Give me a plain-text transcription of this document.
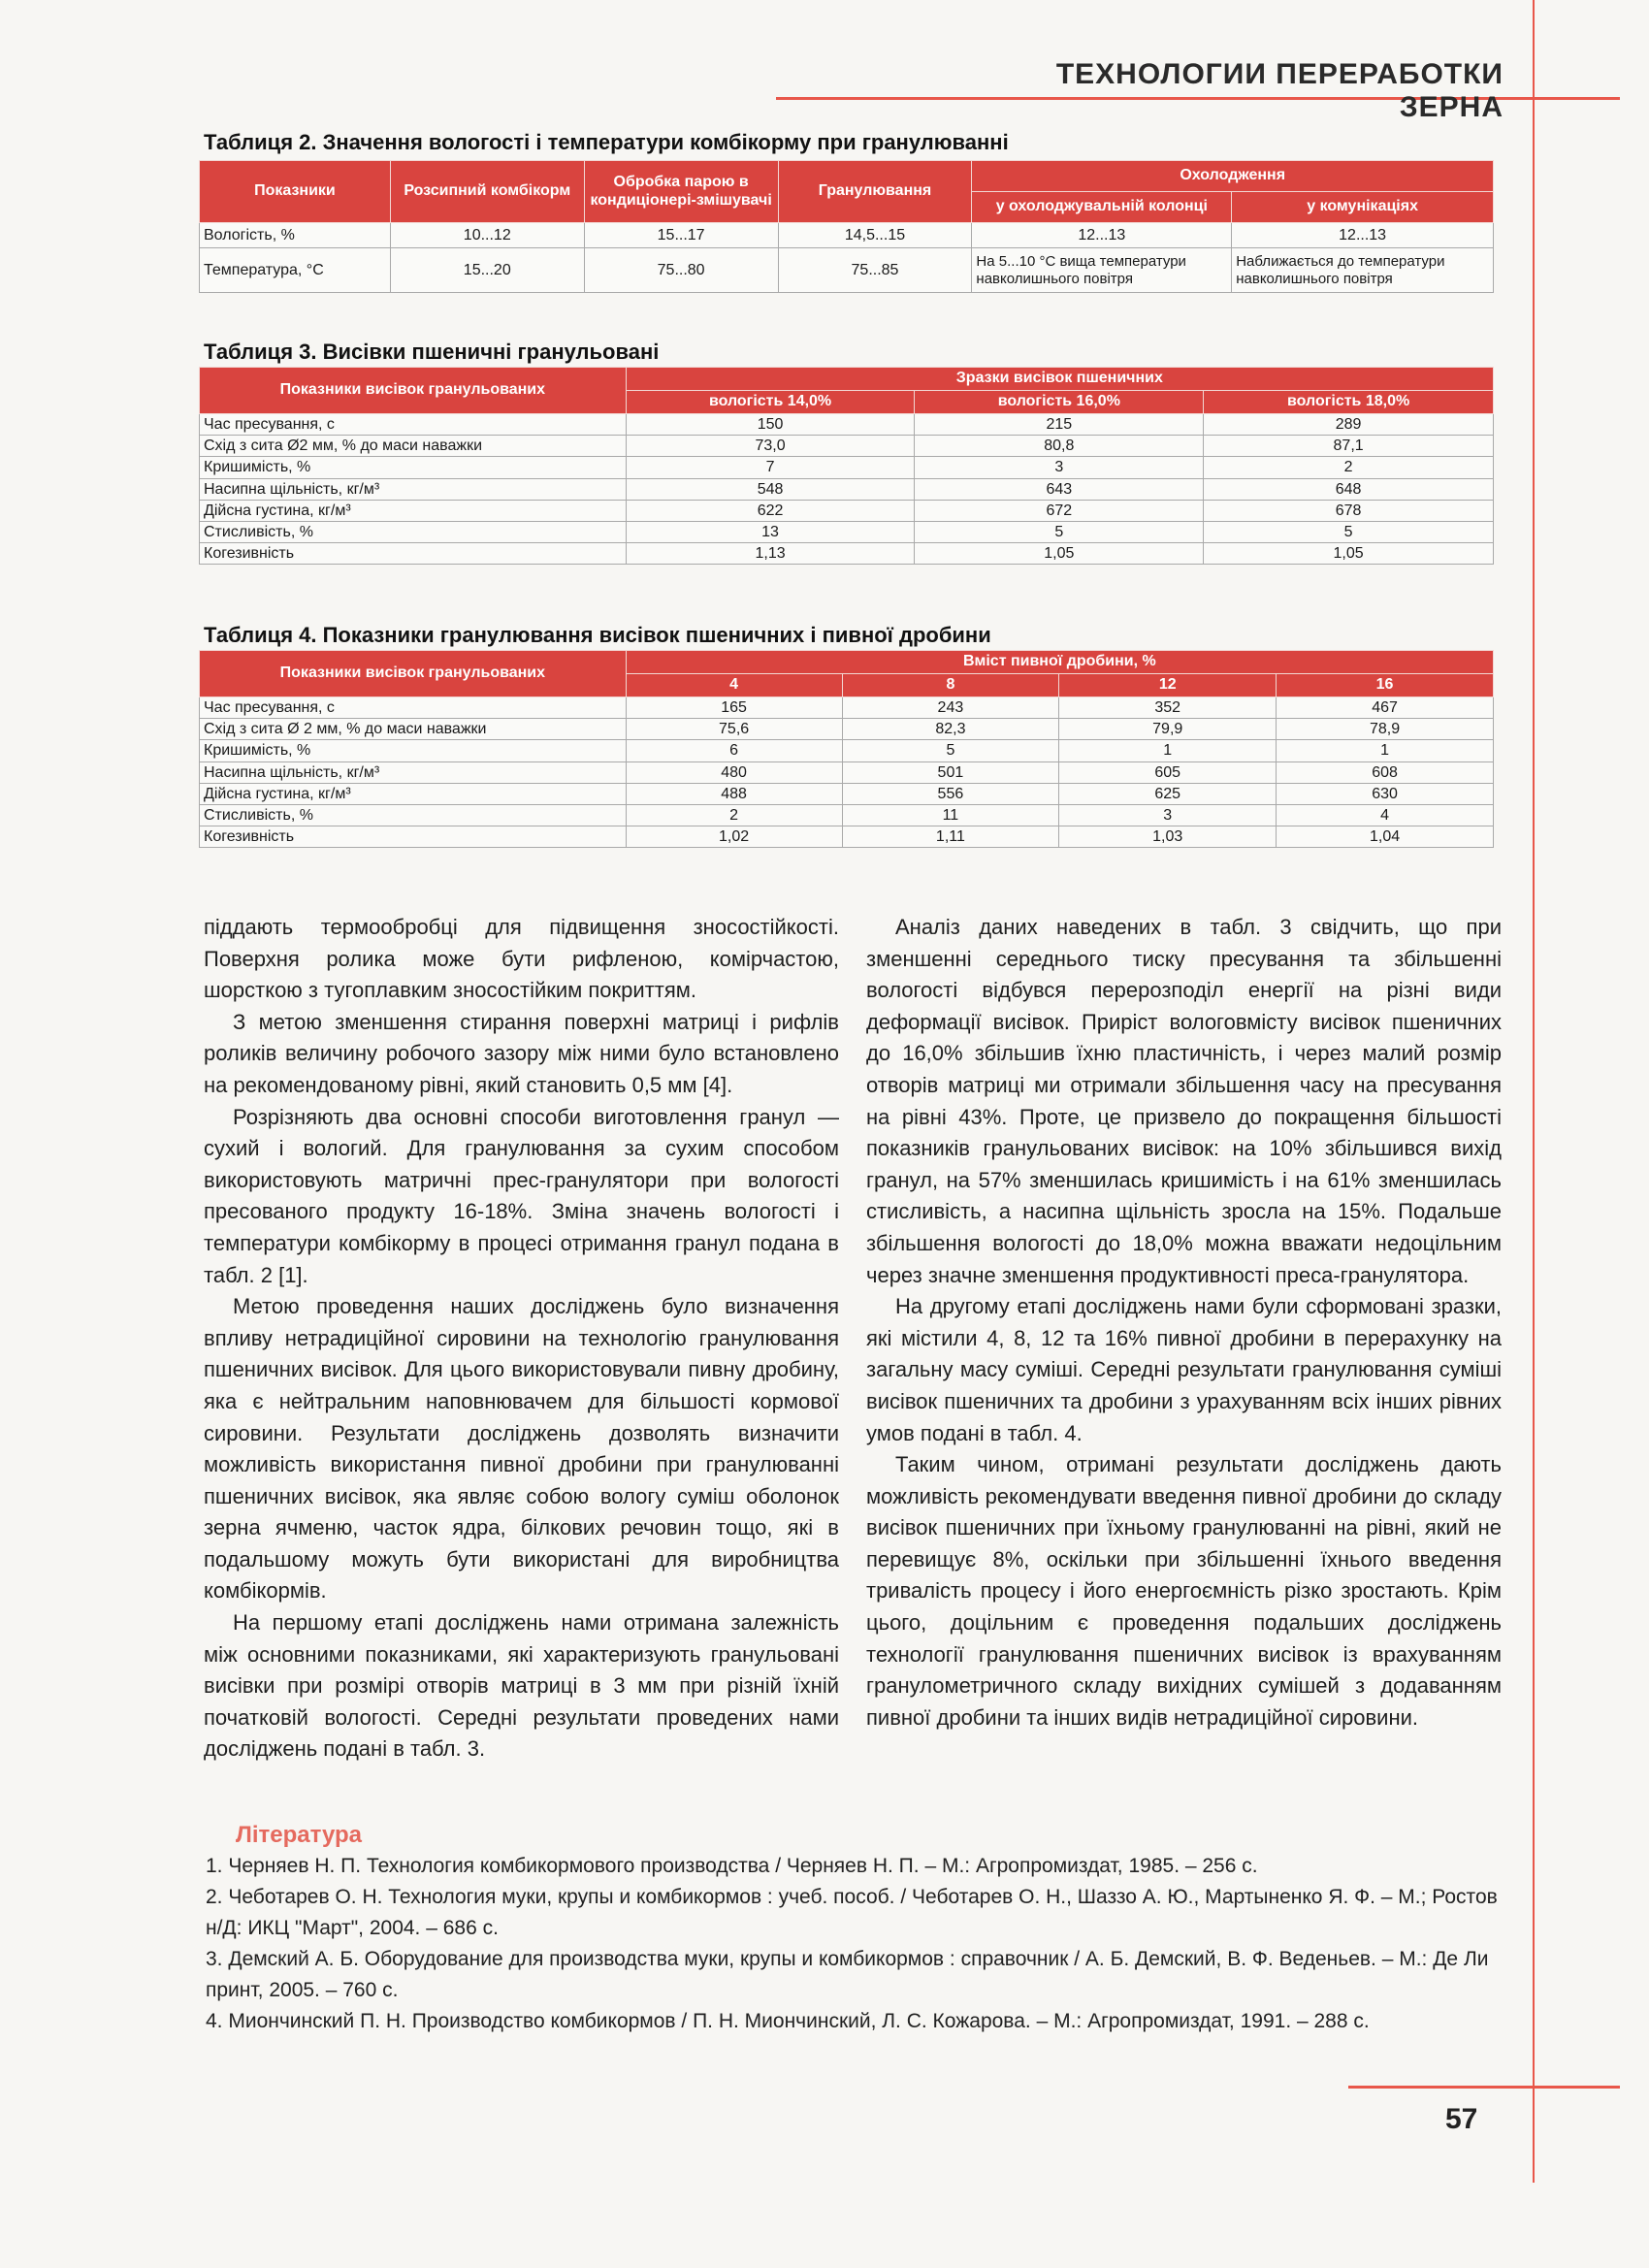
ТЕХНОЛОГИИ ПЕРЕРАБОТКИ ЗЕРНА
Таблиця 2. Значення вологості і температури комбікорму при гранулюванні
Показники	Розсипний комбікорм	Обробка парою в кондиціонері-змішувачі	Гранулювання	Охолодження	
				у охолоджувальній колонці	у комунікаціях
Вологість, %	10...12	15...17	14,5...15	12...13	12...13
Температура, °С	15...20	75...80	75...85	На 5...10 °С вища температури навколишнього повітря	Наближається до температури навколишнього повітря
Таблиця 3. Висівки пшеничні гранульовані
Показники висівок гранульованих	Зразки висівок пшеничних		
	вологість 14,0%	вологість 16,0%	вологість 18,0%
Час пресування, с	150	215	289
Схід з сита Ø2 мм, % до маси наважки	73,0	80,8	87,1
Кришимість, %	7	3	2
Насипна щільність, кг/м³	548	643	648
Дійсна густина, кг/м³	622	672	678
Стисливість, %	13	5	5
Когезивність	1,13	1,05	1,05
Таблиця 4. Показники гранулювання висівок пшеничних і пивної дробини
Показники висівок гранульованих	Вміст пивної дробини, %			
	4	8	12	16
Час пресування, с	165	243	352	467
Схід з сита Ø 2 мм, % до маси наважки	75,6	82,3	79,9	78,9
Кришимість, %	6	5	1	1
Насипна щільність, кг/м³	480	501	605	608
Дійсна густина, кг/м³	488	556	625	630
Стисливість, %	2	11	3	4
Когезивність	1,02	1,11	1,03	1,04

піддають термообробці для підвищення зносостійкості. Поверхня ролика може бути рифленою, комірчастою, шорсткою з тугоплавким зносостійким покриттям.

З метою зменшення стирання поверхні матриці і рифлів роликів величину робочого зазору між ними було встановлено на рекомендованому рівні, який становить 0,5 мм [4].

Розрізняють два основні способи виготовлення гранул — сухий і вологий. Для гранулювання за сухим способом використовують матричні прес-гранулятори при вологості пресованого продукту 16-18%. Зміна значень вологості і температури комбікорму в процесі отримання гранул подана в табл. 2 [1].

Метою проведення наших досліджень було визначення впливу нетрадиційної сировини на технологію гранулювання пшеничних висівок. Для цього використовували пивну дробину, яка є нейтральним наповнювачем для більшості кормової сировини. Результати досліджень дозволять визначити можливість використання пивної дробини при гранулюванні пшеничних висівок, яка являє собою вологу суміш оболонок зерна ячменю, часток ядра, білкових речовин тощо, які в подальшому можуть бути використані для виробництва комбікормів.

На першому етапі досліджень нами отримана залежність між основними показниками, які характеризують гранульовані висівки при розмірі отворів матриці в 3 мм при різній їхній початковій вологості. Середні результати проведених нами досліджень подані в табл. 3.

Аналіз даних наведених в табл. 3 свідчить, що при зменшенні середнього тиску пресування та збільшенні вологості відбувся перерозподіл енергії на різні види деформації висівок. Приріст вологовмісту висівок пшеничних до 16,0% збільшив їхню пластичність, і через малий розмір отворів матриці ми отримали збільшення часу на пресування на рівні 43%. Проте, це призвело до покращення більшості показників гранульованих висівок: на 10% збільшився вихід гранул, на 57% зменшилась кришимість і на 61% зменшилась стисливість, а насипна щільність зросла на 15%. Подальше збільшення вологості до 18,0% можна вважати недоцільним через значне зменшення продуктивності преса-гранулятора.

На другому етапі досліджень нами були сформовані зразки, які містили 4, 8, 12 та 16% пивної дробини в перерахунку на загальну масу суміші. Середні результати гранулювання суміші висівок пшеничних та дробини з урахуванням всіх інших рівних умов подані в табл. 4.

Таким чином, отримані результати досліджень дають можливість рекомендувати введення пивної дробини до складу висівок пшеничних при їхньому гранулюванні на рівні, який не перевищує 8%, оскільки при збільшенні їхнього введення тривалість процесу і його енергоємність різко зростають. Крім цього, доцільним є проведення подальших досліджень технології гранулювання пшеничних висівок із врахуванням гранулометричного складу вихідних сумішей з додаванням пивної дробини та інших видів нетрадиційної сировини.

Література
1. Черняев Н. П. Технология комбикормового производства / Черняев Н. П. – М.: Агропромиздат, 1985. – 256 с.
2. Чеботарев О. Н. Технология муки, крупы и комбикормов : учеб. пособ. / Чеботарев О. Н., Шаззо А. Ю., Мартыненко Я. Ф. – М.; Ростов н/Д: ИКЦ "Март", 2004. – 686 с.
3. Демский А. Б. Оборудование для производства муки, крупы и комбикормов : справочник / А. Б. Демский, В. Ф. Веденьев. – М.: Де Ли принт, 2005. – 760 с.
4. Миончинский П. Н. Производство комбикормов / П. Н. Миончинский, Л. С. Кожарова. – М.: Агропромиздат, 1991. – 288 с.
57
